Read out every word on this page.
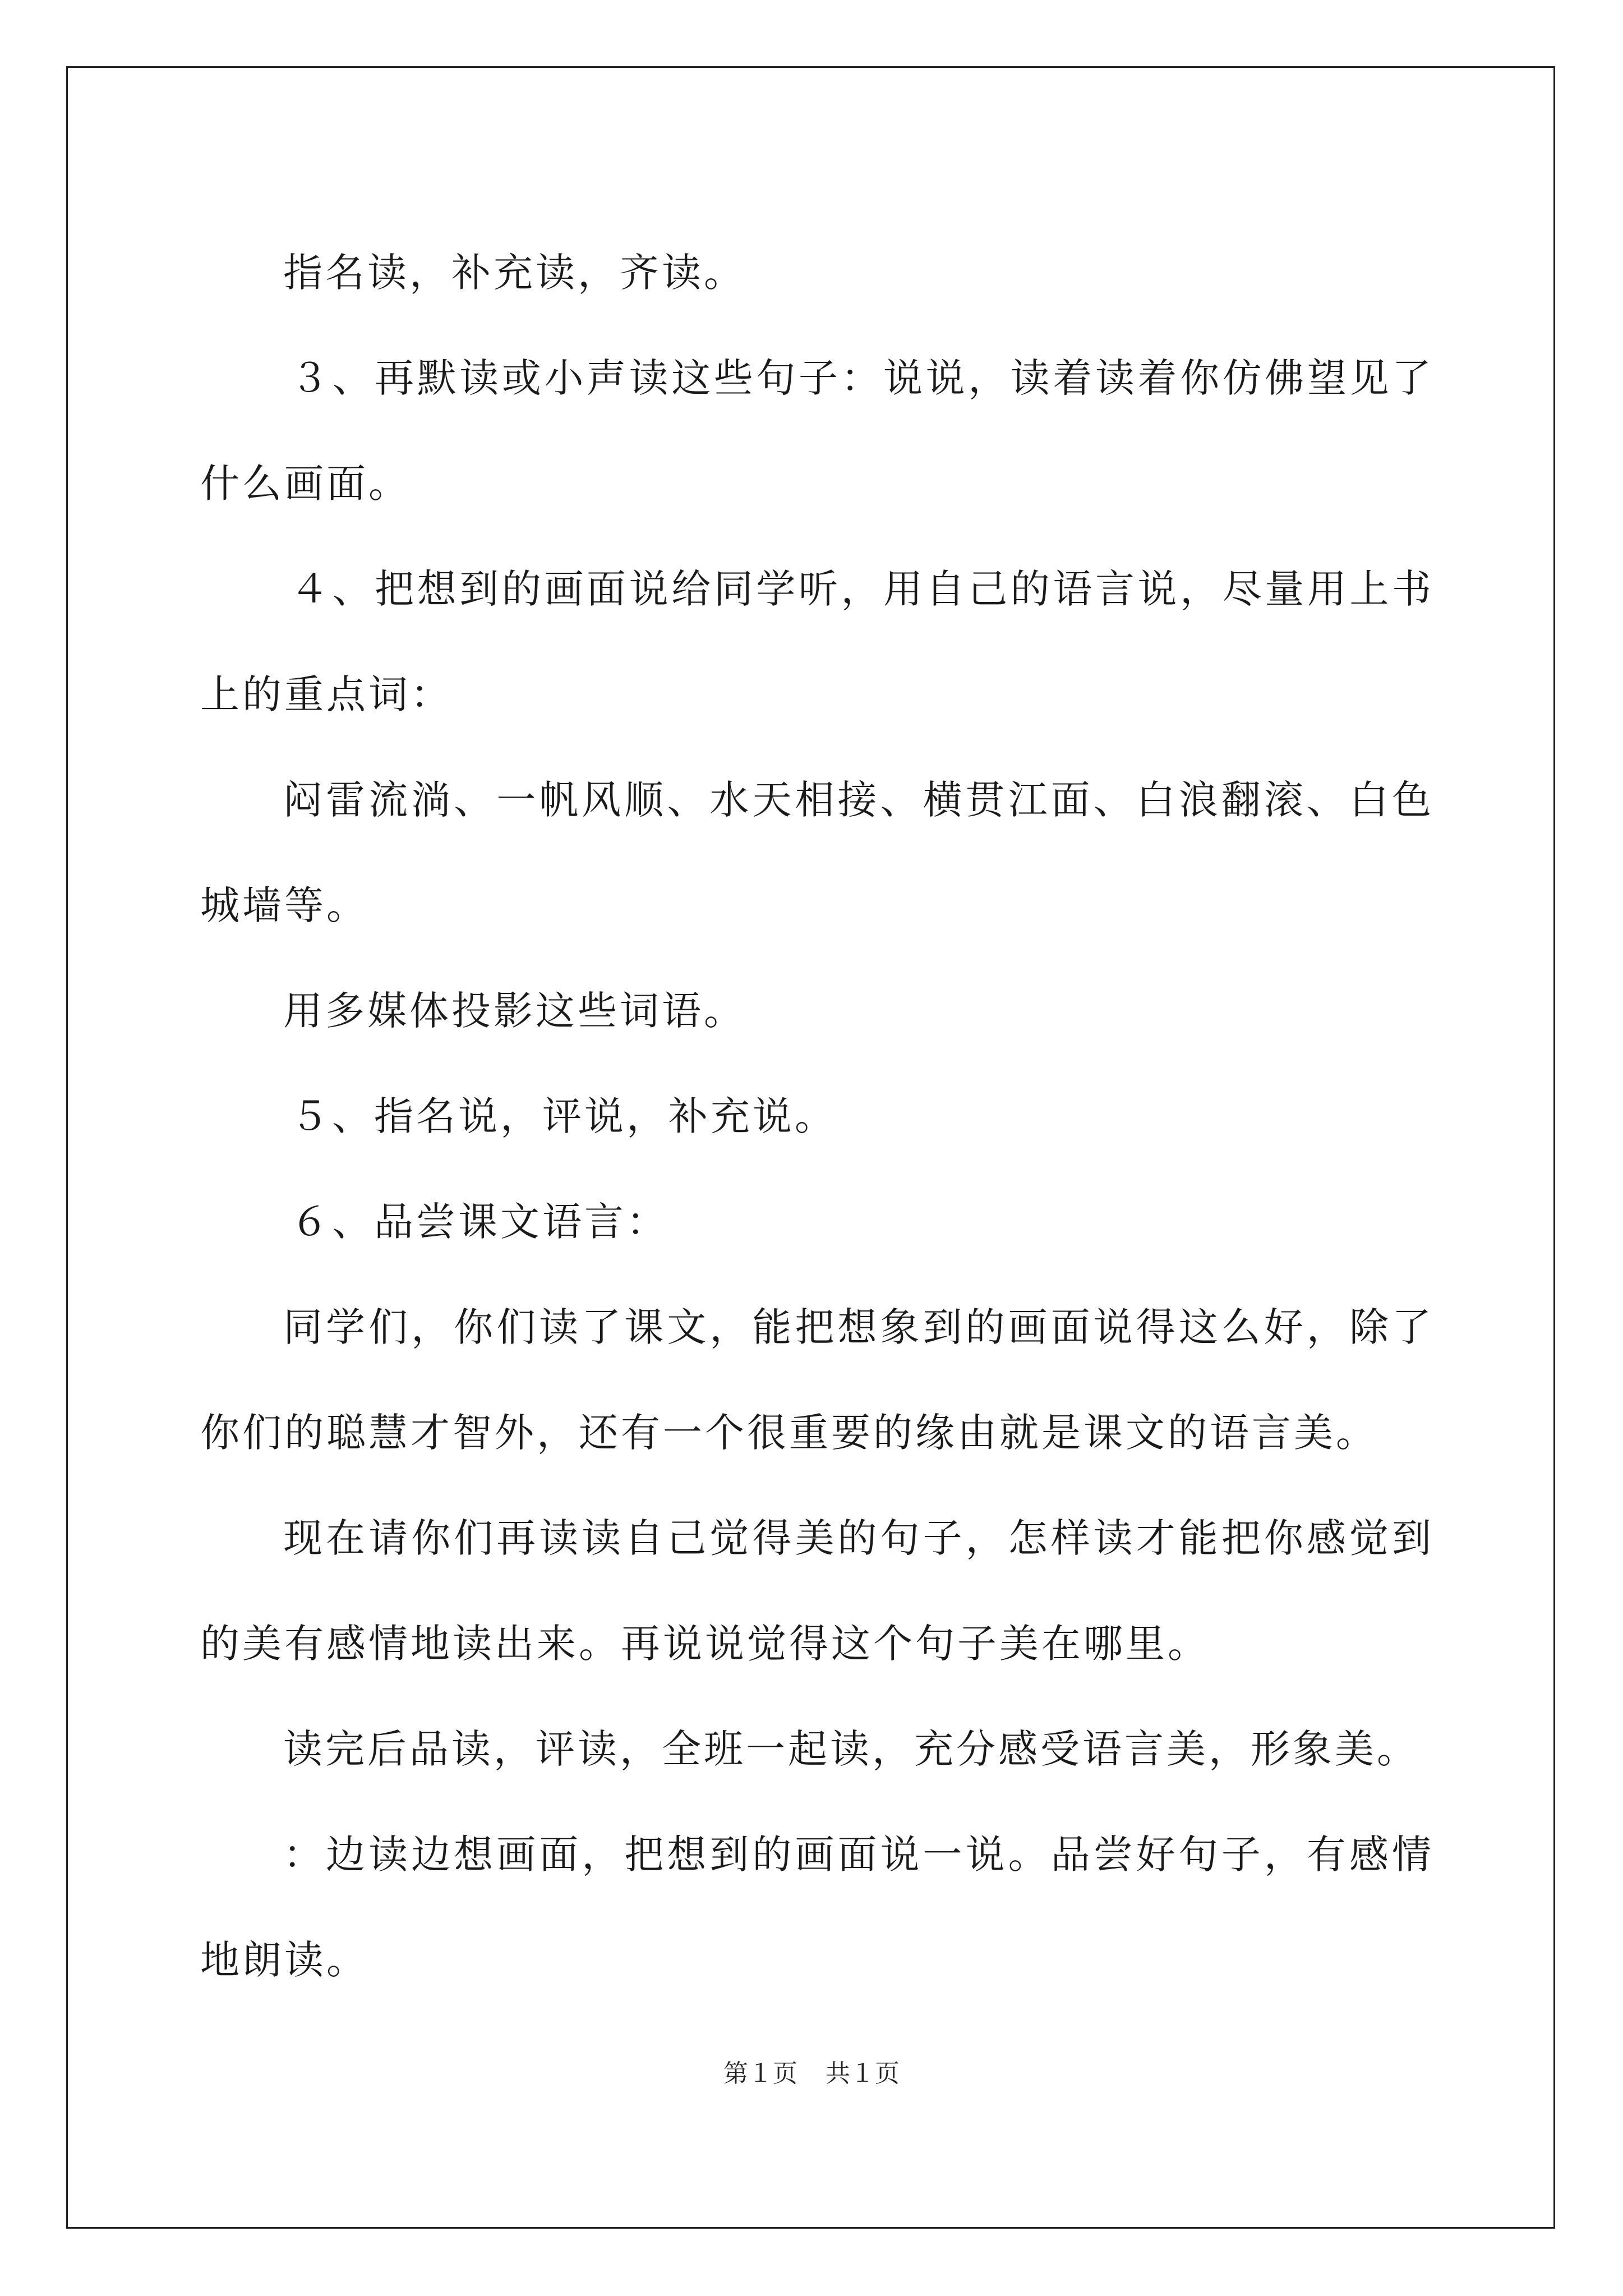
指名读，补充读，齐读。

３、再默读或小声读这些句子：说说，读着读着你仿佛望见了什么画面。

４、把想到的画面说给同学听，用自己的语言说，尽量用上书上的重点词：

闷雷流淌、一帆风顺、水天相接、横贯江面、白浪翻滚、白色城墙等。

用多媒体投影这些词语。

５、指名说，评说，补充说。

６、品尝课文语言：

同学们，你们读了课文，能把想象到的画面说得这么好，除了你们的聪慧才智外，还有一个很重要的缘由就是课文的语言美。

现在请你们再读读自己觉得美的句子，怎样读才能把你感觉到的美有感情地读出来。再说说觉得这个句子美在哪里。

读完后品读，评读，全班一起读，充分感受语言美，形象美。

：边读边想画面，把想到的画面说一说。品尝好句子，有感情地朗读。

第１页 共１页
